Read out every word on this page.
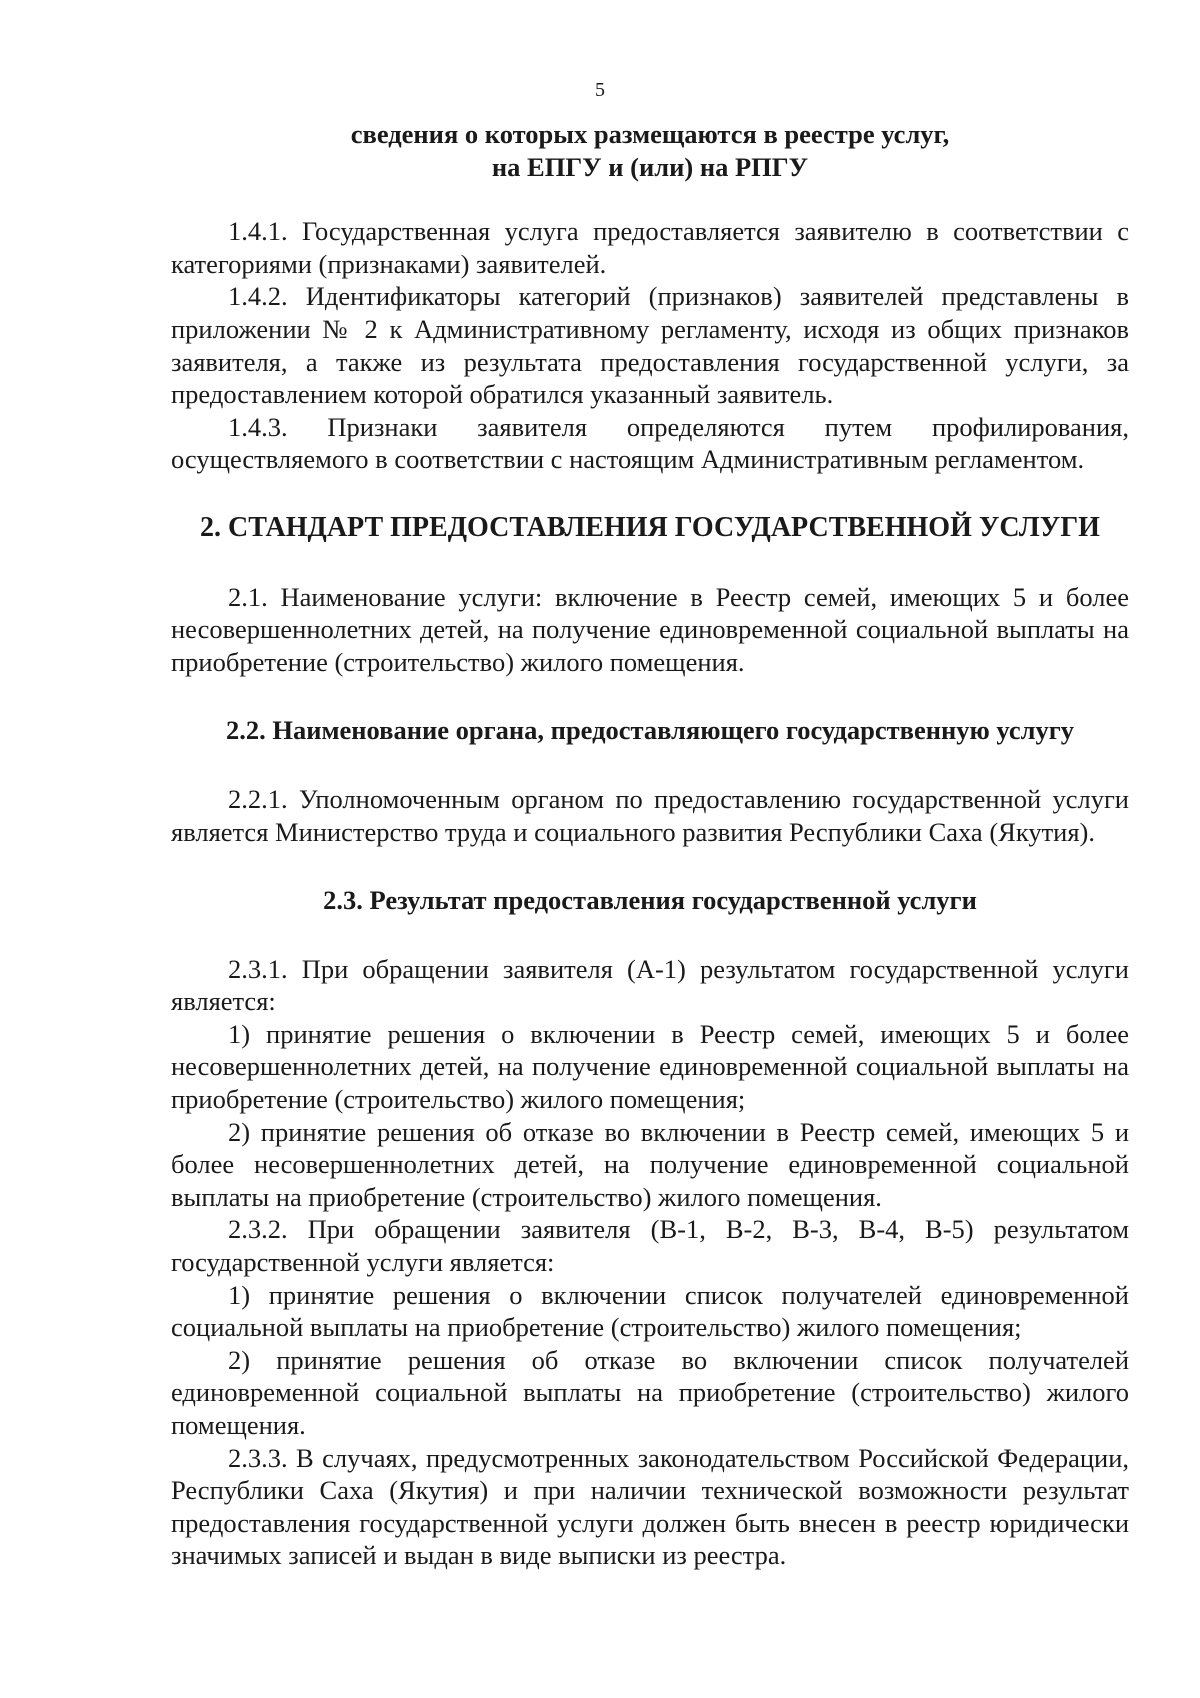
5

сведения о которых размещаются в реестре услуг,

на ЕПГУ и (или) на РПГУ

1.4.1. Государственная услуга предоставляется заявителю в соответствии с категориями (признаками) заявителей.

1.4.2. Идентификаторы категорий (признаков) заявителей представлены в приложении № 2 к Административному регламенту, исходя из общих признаков заявителя, а также из результата предоставления государственной услуги, за предоставлением которой обратился указанный заявитель.

1.4.3. Признаки заявителя определяются путем профилирования, осуществляемого в соответствии с настоящим Административным регламентом.

2. СТАНДАРТ ПРЕДОСТАВЛЕНИЯ ГОСУДАРСТВЕННОЙ УСЛУГИ

2.1. Наименование услуги: включение в Реестр семей, имеющих 5 и более несовершеннолетних детей, на получение единовременной социальной выплаты на приобретение (строительство) жилого помещения.

2.2. Наименование органа, предоставляющего государственную услугу

2.2.1. Уполномоченным органом по предоставлению государственной услуги является Министерство труда и социального развития Республики Саха (Якутия).

2.3. Результат предоставления государственной услуги

2.3.1. При обращении заявителя (А-1) результатом государственной услуги является:

1) принятие решения о включении в Реестр семей, имеющих 5 и более несовершеннолетних детей, на получение единовременной социальной выплаты на приобретение (строительство) жилого помещения;

2) принятие решения об отказе во включении в Реестр семей, имеющих 5 и более несовершеннолетних детей, на получение единовременной социальной выплаты на приобретение (строительство) жилого помещения.

2.3.2. При обращении заявителя (В-1, В-2, В-3, В-4, В-5) результатом государственной услуги является:

1) принятие решения о включении список получателей единовременной социальной выплаты на приобретение (строительство) жилого помещения;

2) принятие решения об отказе во включении список получателей единовременной социальной выплаты на приобретение (строительство) жилого помещения.

2.3.3. В случаях, предусмотренных законодательством Российской Федерации, Республики Саха (Якутия) и при наличии технической возможности результат предоставления государственной услуги должен быть внесен в реестр юридически значимых записей и выдан в виде выписки из реестра.
